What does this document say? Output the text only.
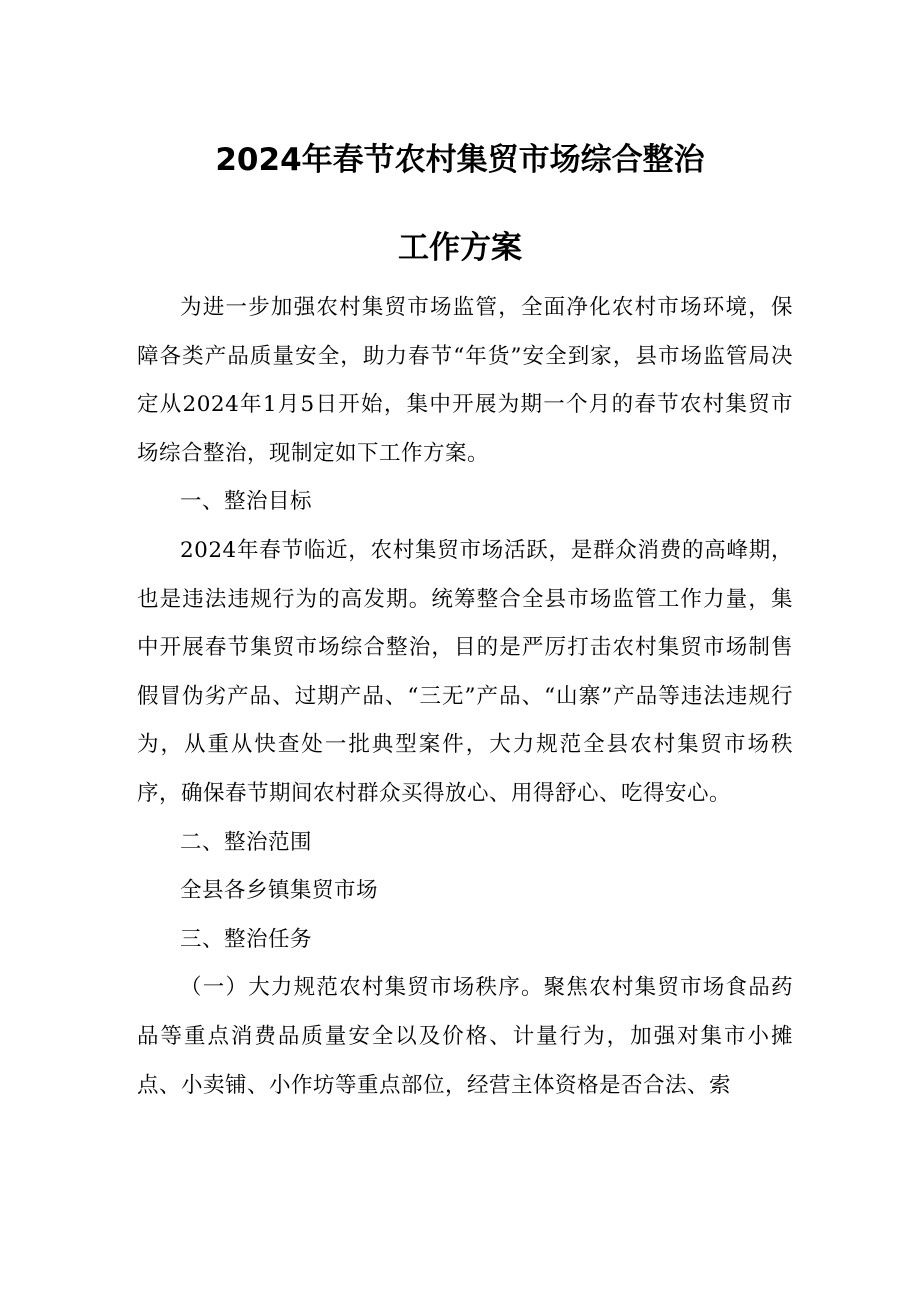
2024年春节农村集贸市场综合整治
工作方案

为进一步加强农村集贸市场监管，全面净化农村市场环境，保障各类产品质量安全，助力春节“年货”安全到家，县市场监管局决定从2024年1月5日开始，集中开展为期一个月的春节农村集贸市场综合整治，现制定如下工作方案。

一、整治目标

2024年春节临近，农村集贸市场活跃，是群众消费的高峰期，也是违法违规行为的高发期。统筹整合全县市场监管工作力量，集中开展春节集贸市场综合整治，目的是严厉打击农村集贸市场制售假冒伪劣产品、过期产品、“三无”产品、“山寨”产品等违法违规行为，从重从快查处一批典型案件，大力规范全县农村集贸市场秩序，确保春节期间农村群众买得放心、用得舒心、吃得安心。

二、整治范围

全县各乡镇集贸市场

三、整治任务

（一）大力规范农村集贸市场秩序。聚焦农村集贸市场食品药品等重点消费品质量安全以及价格、计量行为，加强对集市小摊点、小卖铺、小作坊等重点部位，经营主体资格是否合法、索
